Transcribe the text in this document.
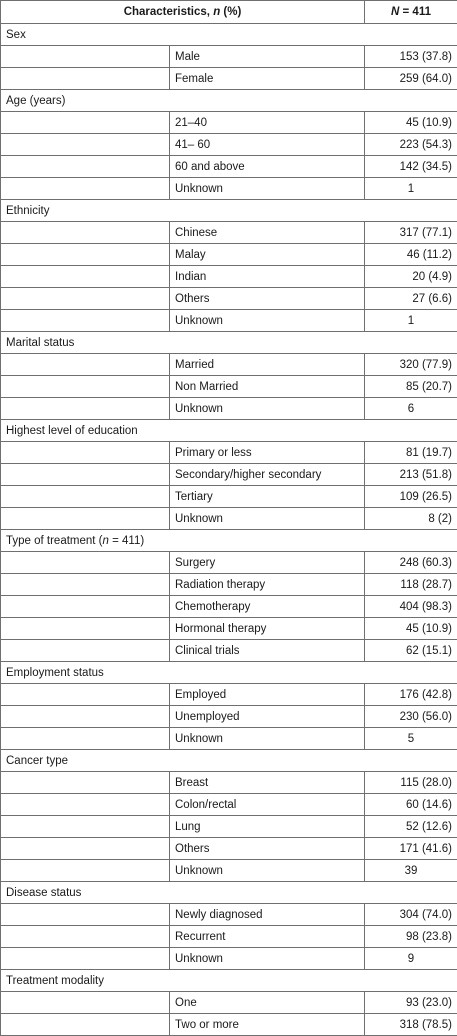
Characteristics, n (%)		N = 411
Sex		
	Male	153 (37.8)
	Female	259 (64.0)
Age (years)		
	21–40	45 (10.9)
	41– 60	223 (54.3)
	60 and above	142 (34.5)
	Unknown	1
Ethnicity		
	Chinese	317 (77.1)
	Malay	46 (11.2)
	Indian	20 (4.9)
	Others	27 (6.6)
	Unknown	1
Marital status		
	Married	320 (77.9)
	Non Married	85 (20.7)
	Unknown	6
Highest level of education		
	Primary or less	81 (19.7)
	Secondary/higher secondary	213 (51.8)
	Tertiary	109 (26.5)
	Unknown	8 (2)
Type of treatment (n = 411)		
	Surgery	248 (60.3)
	Radiation therapy	118 (28.7)
	Chemotherapy	404 (98.3)
	Hormonal therapy	45 (10.9)
	Clinical trials	62 (15.1)
Employment status		
	Employed	176 (42.8)
	Unemployed	230 (56.0)
	Unknown	5
Cancer type		
	Breast	115 (28.0)
	Colon/rectal	60 (14.6)
	Lung	52 (12.6)
	Others	171 (41.6)
	Unknown	39
Disease status		
	Newly diagnosed	304 (74.0)
	Recurrent	98 (23.8)
	Unknown	9
Treatment modality		
	One	93 (23.0)
	Two or more	318 (78.5)
